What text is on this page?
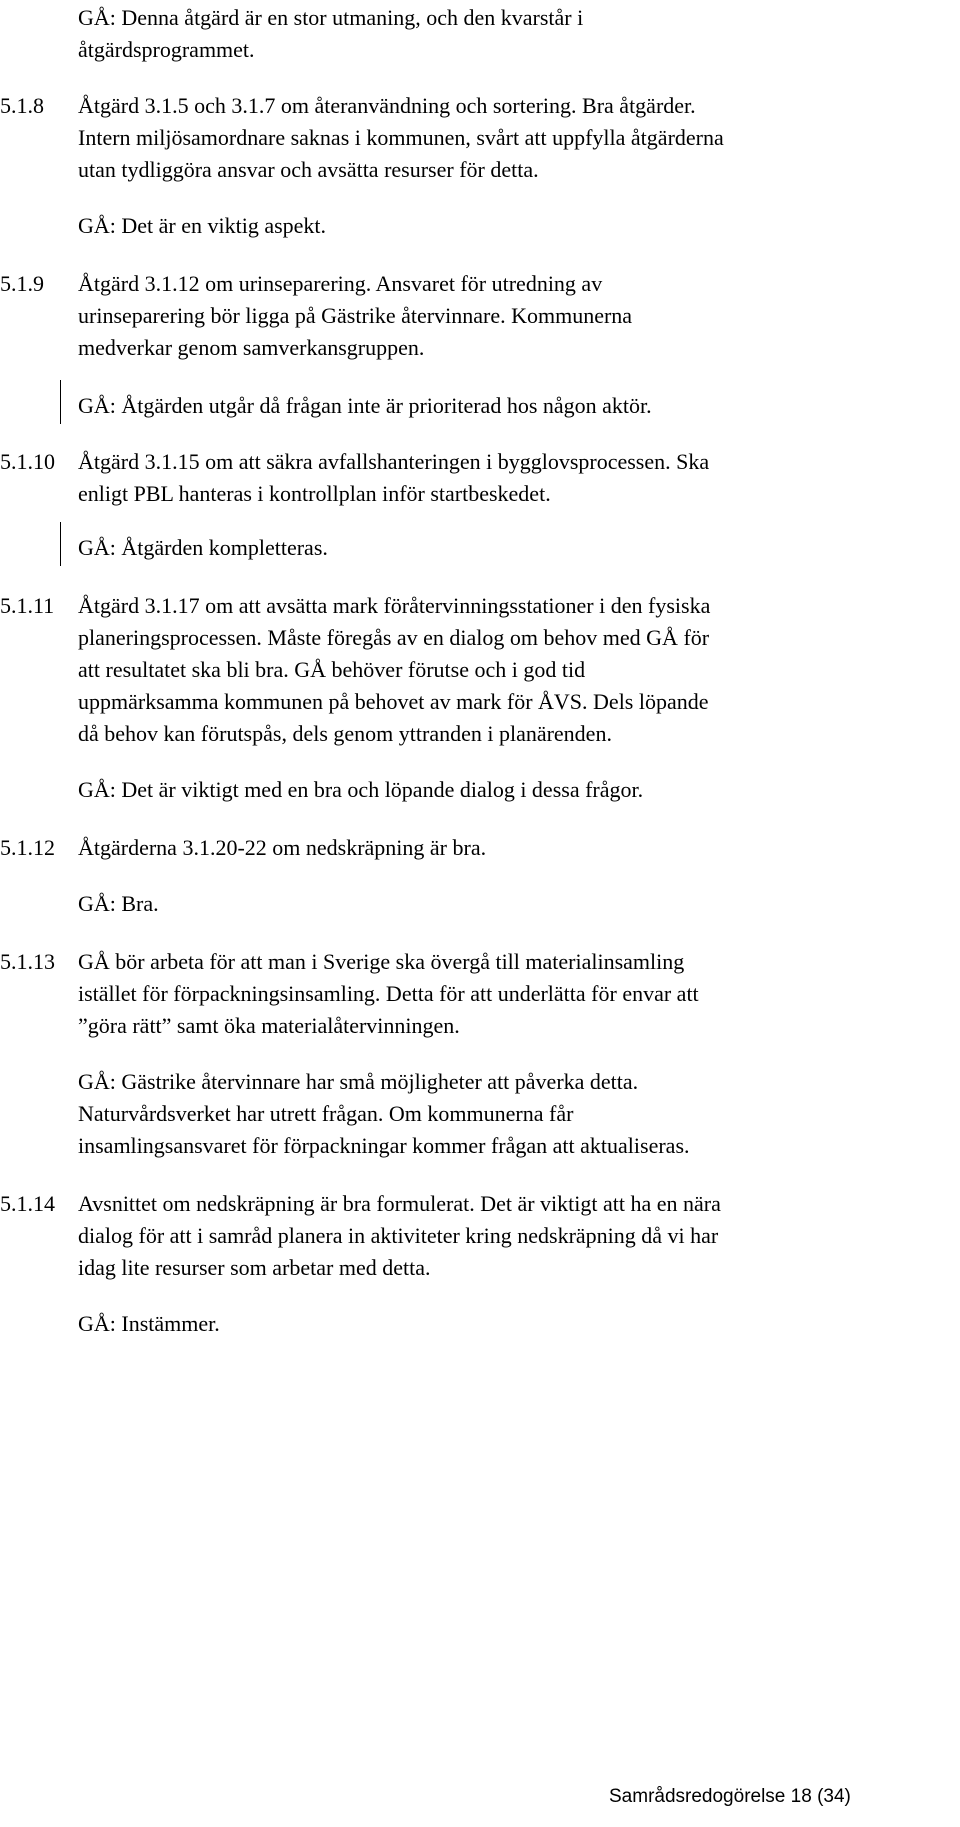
GÅ: Denna åtgärd är en stor utmaning, och den kvarstår i
åtgärdsprogrammet.
5.1.8 Åtgärd 3.1.5 och 3.1.7 om återanvändning och sortering. Bra åtgärder.
Intern miljösamordnare saknas i kommunen, svårt att uppfylla åtgärderna
utan tydliggöra ansvar och avsätta resurser för detta.
GÅ: Det är en viktig aspekt.
5.1.9 Åtgärd 3.1.12 om urinseparering. Ansvaret för utredning av
urinseparering bör ligga på Gästrike återvinnare. Kommunerna
medverkar genom samverkansgruppen.
GÅ: Åtgärden utgår då frågan inte är prioriterad hos någon aktör.
5.1.10 Åtgärd 3.1.15 om att säkra avfallshanteringen i bygglovsprocessen. Ska
enligt PBL hanteras i kontrollplan inför startbeskedet.
GÅ: Åtgärden kompletteras.
5.1.11 Åtgärd 3.1.17 om att avsätta mark föråtervinningsstationer i den fysiska
planeringsprocessen. Måste föregås av en dialog om behov med GÅ för
att resultatet ska bli bra. GÅ behöver förutse och i god tid
uppmärksamma kommunen på behovet av mark för ÅVS. Dels löpande
då behov kan förutspås, dels genom yttranden i planärenden.
GÅ: Det är viktigt med en bra och löpande dialog i dessa frågor.
5.1.12 Åtgärderna 3.1.20-22 om nedskräpning är bra.
GÅ: Bra.
5.1.13 GÅ bör arbeta för att man i Sverige ska övergå till materialinsamling
istället för förpackningsinsamling. Detta för att underlätta för envar att
”göra rätt” samt öka materialåtervinningen.
GÅ: Gästrike återvinnare har små möjligheter att påverka detta.
Naturvårdsverket har utrett frågan. Om kommunerna får
insamlingsansvaret för förpackningar kommer frågan att aktualiseras.
5.1.14 Avsnittet om nedskräpning är bra formulerat. Det är viktigt att ha en nära
dialog för att i samråd planera in aktiviteter kring nedskräpning då vi har
idag lite resurser som arbetar med detta.
GÅ: Instämmer.
Samrådsredogörelse 18 (34)
